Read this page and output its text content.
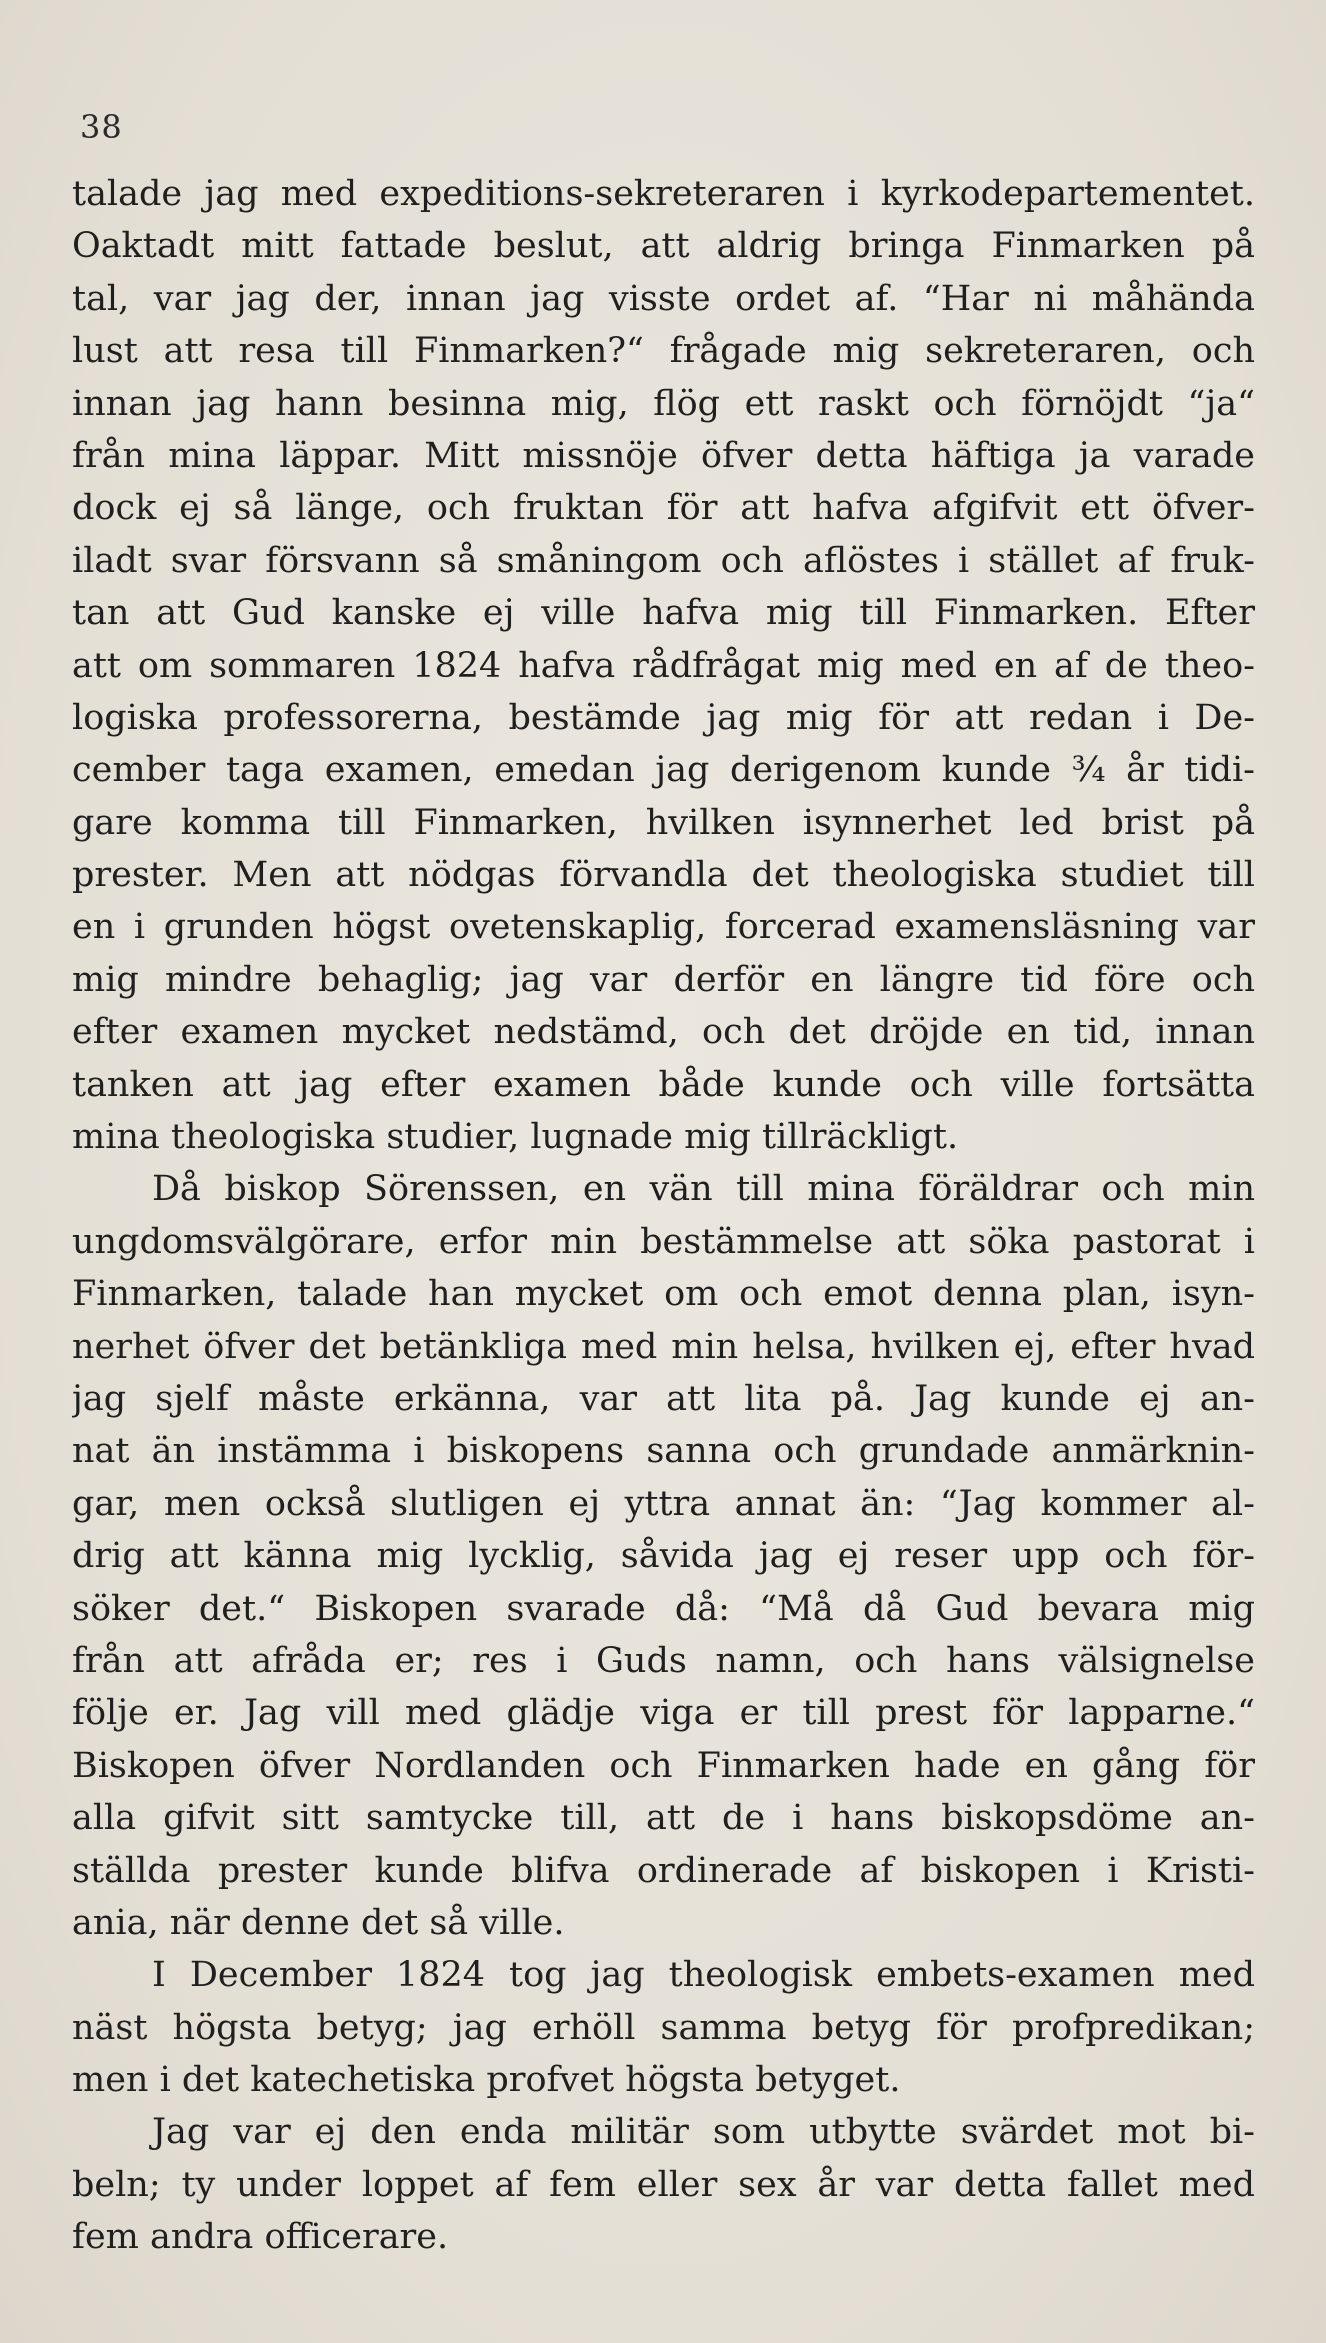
38
talade jag med expeditions-sekreteraren i kyrkodepartementet.
Oaktadt mitt fattade beslut, att aldrig bringa Finmarken på
tal, var jag der, innan jag visste ordet af. “Har ni måhända
lust att resa till Finmarken?“ frågade mig sekreteraren, och
innan jag hann besinna mig, flög ett raskt och förnöjdt “ja“
från mina läppar. Mitt missnöje öfver detta häftiga ja varade
dock ej så länge, och fruktan för att hafva afgifvit ett öfver-
iladt svar försvann så småningom och aflöstes i stället af fruk-
tan att Gud kanske ej ville hafva mig till Finmarken. Efter
att om sommaren 1824 hafva rådfrågat mig med en af de theo-
logiska professorerna, bestämde jag mig för att redan i De-
cember taga examen, emedan jag derigenom kunde ¾ år tidi-
gare komma till Finmarken, hvilken isynnerhet led brist på
prester. Men att nödgas förvandla det theologiska studiet till
en i grunden högst ovetenskaplig, forcerad examensläsning var
mig mindre behaglig; jag var derför en längre tid före och
efter examen mycket nedstämd, och det dröjde en tid, innan
tanken att jag efter examen både kunde och ville fortsätta
mina theologiska studier, lugnade mig tillräckligt.
Då biskop Sörenssen, en vän till mina föräldrar och min
ungdomsvälgörare, erfor min bestämmelse att söka pastorat i
Finmarken, talade han mycket om och emot denna plan, isyn-
nerhet öfver det betänkliga med min helsa, hvilken ej, efter hvad
jag sjelf måste erkänna, var att lita på. Jag kunde ej an-
nat än instämma i biskopens sanna och grundade anmärknin-
gar, men också slutligen ej yttra annat än: “Jag kommer al-
drig att känna mig lycklig, såvida jag ej reser upp och för-
söker det.“ Biskopen svarade då: “Må då Gud bevara mig
från att afråda er; res i Guds namn, och hans välsignelse
följe er. Jag vill med glädje viga er till prest för lapparne.“
Biskopen öfver Nordlanden och Finmarken hade en gång för
alla gifvit sitt samtycke till, att de i hans biskopsdöme an-
ställda prester kunde blifva ordinerade af biskopen i Kristi-
ania, när denne det så ville.
I December 1824 tog jag theologisk embets-examen med
näst högsta betyg; jag erhöll samma betyg för profpredikan;
men i det katechetiska profvet högsta betyget.
Jag var ej den enda militär som utbytte svärdet mot bi-
beln; ty under loppet af fem eller sex år var detta fallet med
fem andra officerare.
